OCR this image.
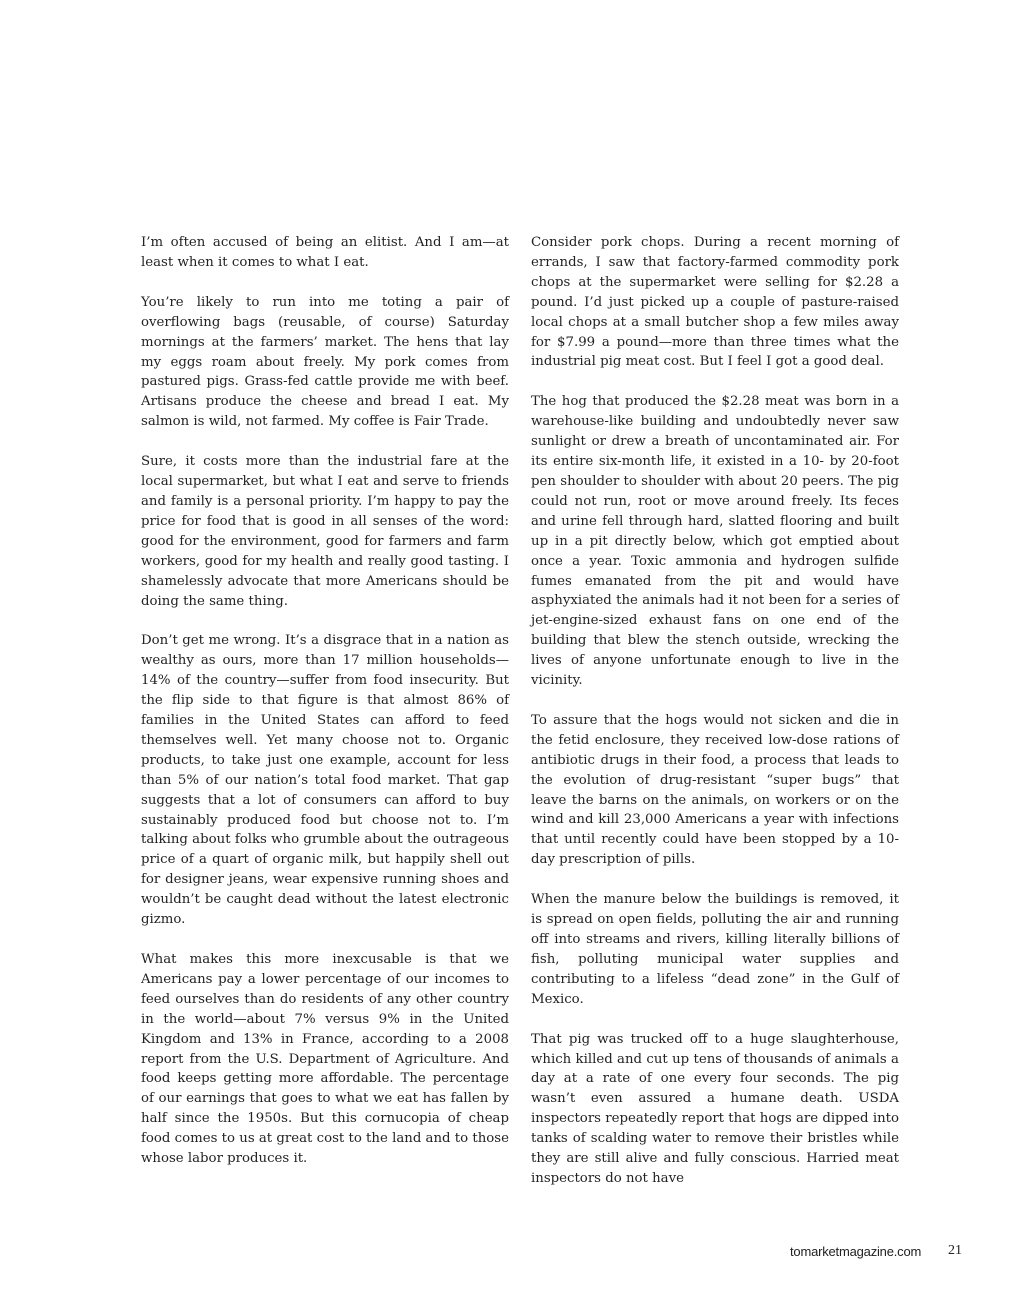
I’m often accused of being an elitist. And I am—at least when it comes to what I eat.

You’re likely to run into me toting a pair of overflowing bags (reusable, of course) Saturday mornings at the farmers’ market. The hens that lay my eggs roam about freely. My pork comes from pastured pigs. Grass-fed cattle provide me with beef. Artisans produce the cheese and bread I eat. My salmon is wild, not farmed. My coffee is Fair Trade.

Sure, it costs more than the industrial fare at the local supermarket, but what I eat and serve to friends and family is a personal priority. I’m happy to pay the price for food that is good in all senses of the word: good for the environment, good for farmers and farm workers, good for my health and really good tasting. I shamelessly advocate that more Americans should be doing the same thing.

Don’t get me wrong. It’s a disgrace that in a nation as wealthy as ours, more than 17 million households—14% of the country—suffer from food insecurity. But the flip side to that figure is that almost 86% of families in the United States can afford to feed themselves well. Yet many choose not to. Organic products, to take just one example, account for less than 5% of our nation’s total food market. That gap suggests that a lot of consumers can afford to buy sustainably produced food but choose not to. I’m talking about folks who grumble about the outrageous price of a quart of organic milk, but happily shell out for designer jeans, wear expensive running shoes and wouldn’t be caught dead without the latest electronic gizmo.

What makes this more inexcusable is that we Americans pay a lower percentage of our incomes to feed ourselves than do residents of any other country in the world—about 7% versus 9% in the United Kingdom and 13% in France, according to a 2008 report from the U.S. Department of Agriculture. And food keeps getting more affordable. The percentage of our earnings that goes to what we eat has fallen by half since the 1950s. But this cornucopia of cheap food comes to us at great cost to the land and to those whose labor produces it.

Consider pork chops. During a recent morning of errands, I saw that factory-farmed commodity pork chops at the supermarket were selling for $2.28 a pound. I’d just picked up a couple of pasture-raised local chops at a small butcher shop a few miles away for $7.99 a pound—more than three times what the industrial pig meat cost. But I feel I got a good deal.

The hog that produced the $2.28 meat was born in a warehouse-like building and undoubtedly never saw sunlight or drew a breath of uncontaminated air. For its entire six-month life, it existed in a 10- by 20-foot pen shoulder to shoulder with about 20 peers. The pig could not run, root or move around freely. Its feces and urine fell through hard, slatted flooring and built up in a pit directly below, which got emptied about once a year. Toxic ammonia and hydrogen sulfide fumes emanated from the pit and would have asphyxiated the animals had it not been for a series of jet-engine-sized exhaust fans on one end of the building that blew the stench outside, wrecking the lives of anyone unfortunate enough to live in the vicinity.

To assure that the hogs would not sicken and die in the fetid enclosure, they received low-dose rations of antibiotic drugs in their food, a process that leads to the evolution of drug-resistant “super bugs” that leave the barns on the animals, on workers or on the wind and kill 23,000 Americans a year with infections that until recently could have been stopped by a 10-day prescription of pills.

When the manure below the buildings is removed, it is spread on open fields, polluting the air and running off into streams and rivers, killing literally billions of fish, polluting municipal water supplies and contributing to a lifeless “dead zone” in the Gulf of Mexico.

That pig was trucked off to a huge slaughterhouse, which killed and cut up tens of thousands of animals a day at a rate of one every four seconds. The pig wasn’t even assured a humane death. USDA inspectors repeatedly report that hogs are dipped into tanks of scalding water to remove their bristles while they are still alive and fully conscious. Harried meat inspectors do not have

tomarketmagazine.com 21
